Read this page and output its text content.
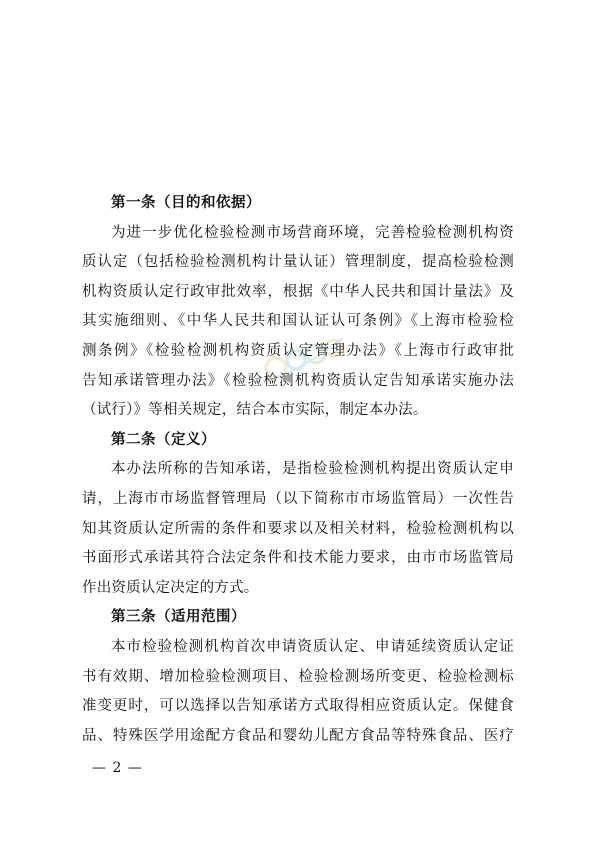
第一条（目的和依据）

为进一步优化检验检测市场营商环境，完善检验检测机构资
质认定（包括检验检测机构计量认证）管理制度，提高检验检测
机构资质认定行政审批效率，根据《中华人民共和国计量法》及
其实施细则、《中华人民共和国认证认可条例》《上海市检验检
测条例》《检验检测机构资质认定管理办法》《上海市行政审批
告知承诺管理办法》《检验检测机构资质认定告知承诺实施办法
（试行）》等相关规定，结合本市实际，制定本办法。

第二条（定义）

本办法所称的告知承诺，是指检验检测机构提出资质认定申
请，上海市市场监督管理局（以下简称市市场监管局）一次性告
知其资质认定所需的条件和要求以及相关材料，检验检测机构以
书面形式承诺其符合法定条件和技术能力要求，由市市场监管局
作出资质认定决定的方式。

第三条（适用范围）

本市检验检测机构首次申请资质认定、申请延续资质认定证
书有效期、增加检验检测项目、检验检测场所变更、检验检测标
准变更时，可以选择以告知承诺方式取得相应资质认定。保健食
品、特殊医学用途配方食品和婴幼儿配方食品等特殊食品、医疗

— 2 —
